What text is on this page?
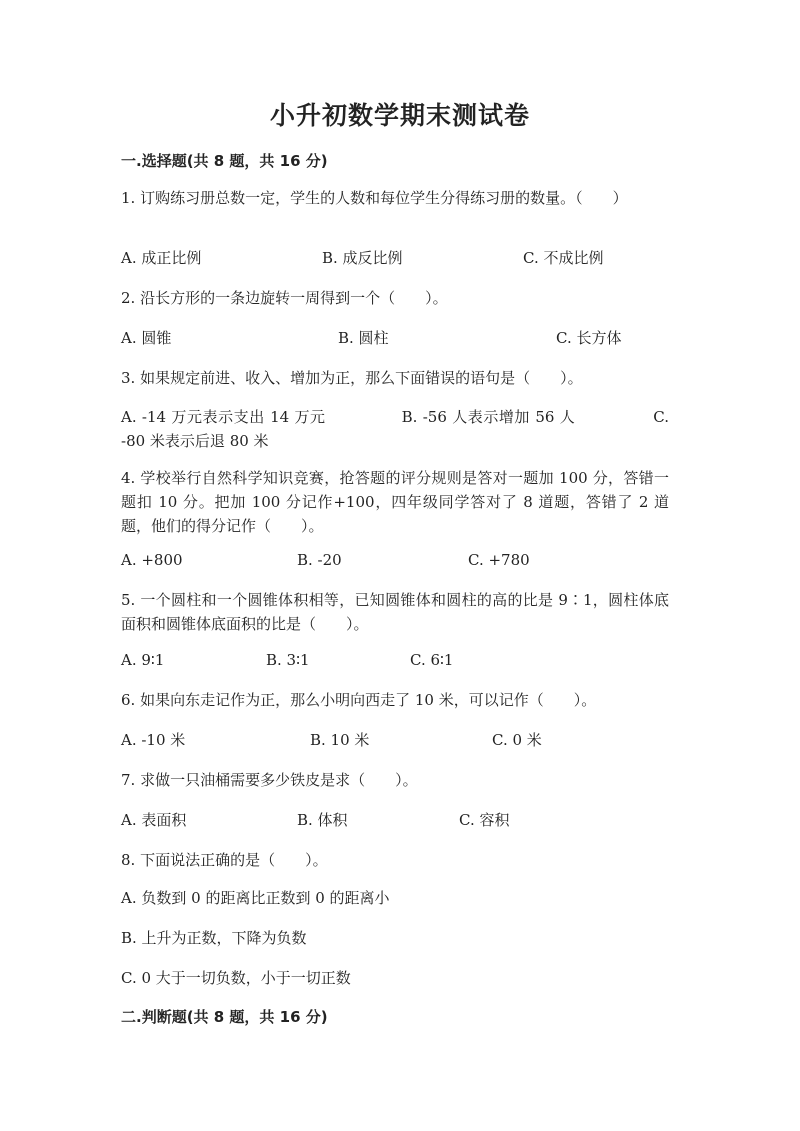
小升初数学期末测试卷
一.选择题(共 8 题，共 16 分)
1. 订购练习册总数一定，学生的人数和每位学生分得练习册的数量。（　　）
A. 成正比例	B. 成反比例	C. 不成比例
2. 沿长方形的一条边旋转一周得到一个（　　）。
A. 圆锥	B. 圆柱	C. 长方体
3. 如果规定前进、收入、增加为正，那么下面错误的语句是（　　）。
A. -14 万元表示支出 14 万元	B. -56 人表示增加 56 人	C. -80 米表示后退 80 米
4. 学校举行自然科学知识竞赛，抢答题的评分规则是答对一题加 100 分，答错一题扣 10 分。把加 100 分记作+100，四年级同学答对了 8 道题，答错了 2 道题，他们的得分记作（　　）。
A. +800	B. -20	C. +780
5. 一个圆柱和一个圆锥体积相等，已知圆锥体和圆柱的高的比是 9∶1，圆柱体底面积和圆锥体底面积的比是（　　）。
A. 9∶1	B. 3∶1	C. 6∶1
6. 如果向东走记作为正，那么小明向西走了 10 米，可以记作（　　）。
A. -10 米	B. 10 米	C. 0 米
7. 求做一只油桶需要多少铁皮是求（　　）。
A. 表面积	B. 体积	C. 容积
8. 下面说法正确的是（　　）。
A. 负数到 0 的距离比正数到 0 的距离小
B. 上升为正数，下降为负数
C. 0 大于一切负数，小于一切正数
二.判断题(共 8 题，共 16 分)
